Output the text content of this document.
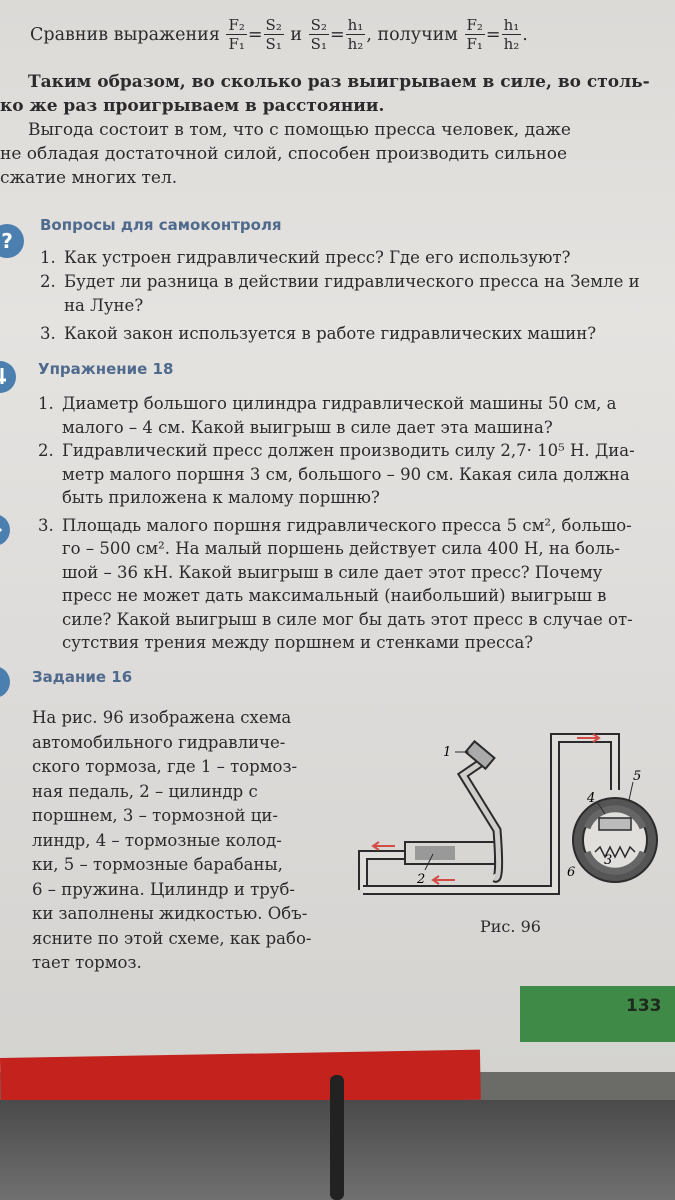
Сравнив выражения
$\frac{\text{F₂}}{\text{F₁}} = \frac{\text{S₂}}{\text{S₁}}$
и
$\frac{\text{S₂}}{\text{S₁}} = \frac{\text{h₁}}{\text{h₂}}$ , получим
$\frac{\text{F₂}}{\text{F₁}} = \frac{\text{h₁}}{\text{h₂}}$ .
Таким образом, во сколько раз выигрываем в силе, во столь-
ко же раз проигрываем в расстоянии.
Выгода состоит в том, что с помощью пресса человек, даже
не обладая достаточной силой, способен производить сильное
сжатие многих тел.
?
Вопросы для самоконтроля
1. Как устроен гидравлический пресс? Где его используют?
2. Будет ли разница в действии гидравлического пресса на Земле и
на Луне?
3. Какой закон используется в работе гидравлических машин?
Упражнение 18
1. Диаметр большого цилиндра гидравлической машины 50 см, а
малого – 4 см. Какой выигрыш в силе дает эта машина?
2. Гидравлический пресс должен производить силу 2,7· 10⁵ Н. Диа-
метр малого поршня 3 см, большого – 90 см. Какая сила должна
быть приложена к малому поршню?
3. Площадь малого поршня гидравлического пресса 5 см², большо-
го – 500 см². На малый поршень действует сила 400 Н, на боль-
шой – 36 кН. Какой выигрыш в силе дает этот пресс? Почему
пресс не может дать максимальный (наибольший) выигрыш в
силе? Какой выигрыш в силе мог бы дать этот пресс в случае от-
сутствия трения между поршнем и стенками пресса?
Задание 16
На рис. 96 изображена схема
автомобильного гидравличе-
ского тормоза, где 1 – тормоз-
ная педаль, 2 – цилиндр с
поршнем, 3 – тормозной ци-
линдр, 4 – тормозные колод-
ки, 5 – тормозные барабаны,
6 – пружина. Цилиндр и труб-
ки заполнены жидкостью. Объ-
ясните по этой схеме, как рабо-
тает тормоз.
1
2
3
4
5
6
Рис. 96
133
